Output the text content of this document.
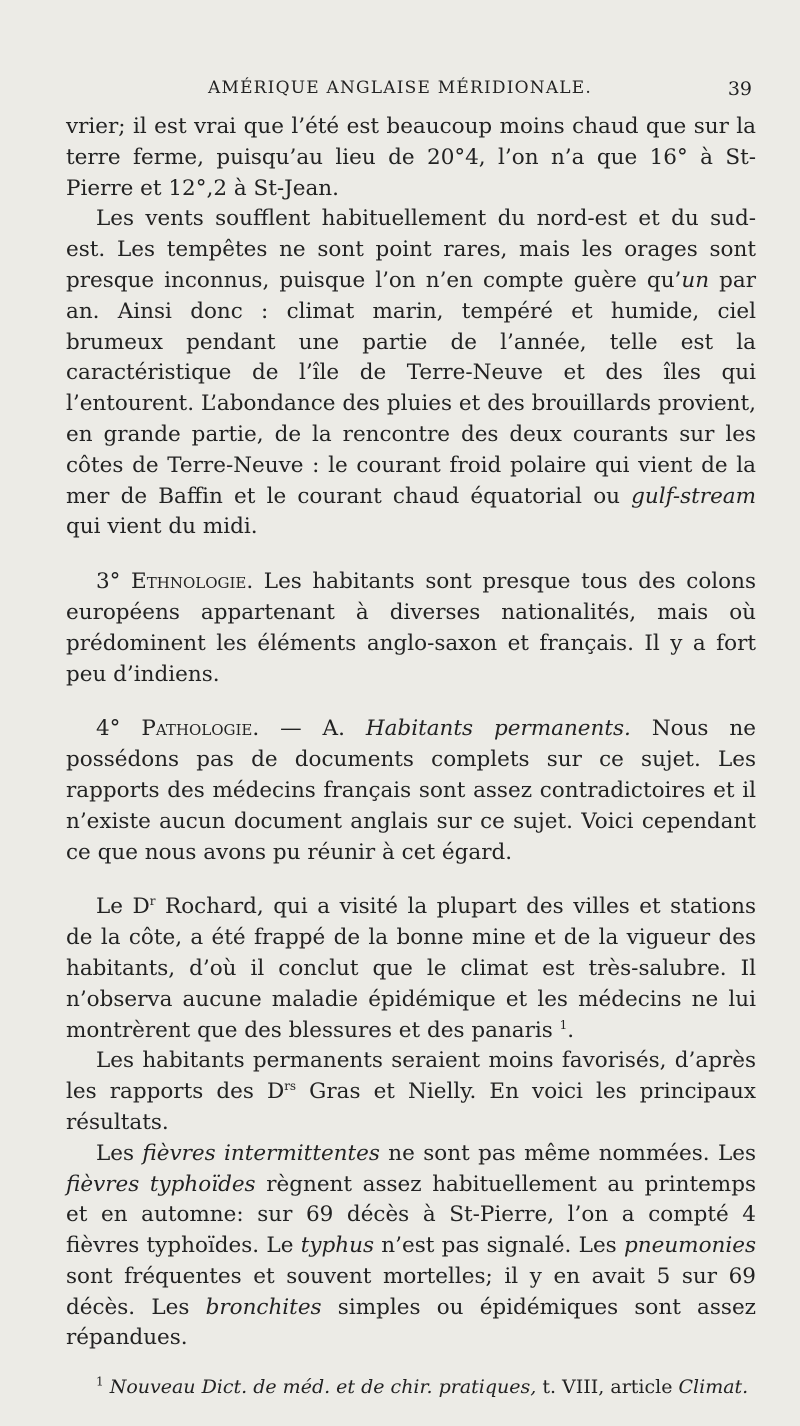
AMÉRIQUE ANGLAISE MÉRIDIONALE.	39

vrier; il est vrai que l’été est beaucoup moins chaud que sur la terre ferme, puisqu’au lieu de 20°4, l’on n’a que 16° à St-Pierre et 12°,2 à St-Jean.

Les vents soufflent habituellement du nord-est et du sud-est. Les tempêtes ne sont point rares, mais les orages sont presque inconnus, puisque l’on n’en compte guère qu’un par an. Ainsi donc : climat marin, tempéré et humide, ciel brumeux pendant une partie de l’année, telle est la caractéristique de l’île de Terre-Neuve et des îles qui l’entourent. L’abondance des pluies et des brouillards provient, en grande partie, de la rencontre des deux courants sur les côtes de Terre-Neuve : le courant froid polaire qui vient de la mer de Baffin et le courant chaud équatorial ou gulf-stream qui vient du midi.

3° Ethnologie. Les habitants sont presque tous des colons européens appartenant à diverses nationalités, mais où prédominent les éléments anglo-saxon et français. Il y a fort peu d’indiens.

4° Pathologie. — A. Habitants permanents. Nous ne possédons pas de documents complets sur ce sujet. Les rapports des médecins français sont assez contradictoires et il n’existe aucun document anglais sur ce sujet. Voici cependant ce que nous avons pu réunir à cet égard.

Le $D^r$ Rochard, qui a visité la plupart des villes et stations de la côte, a été frappé de la bonne mine et de la vigueur des habitants, d’où il conclut que le climat est très-salubre. Il n’observa aucune maladie épidémique et les médecins ne lui montrèrent que des blessures et des panaris $^1$.

Les habitants permanents seraient moins favorisés, d’après les rapports des $D^{rs}$ Gras et Nielly. En voici les principaux résultats.

Les fièvres intermittentes ne sont pas même nommées. Les fièvres typhoïdes règnent assez habituellement au printemps et en automne: sur 69 décès à St-Pierre, l’on a compté 4 fièvres typhoïdes. Le typhus n’est pas signalé. Les pneumonies sont fréquentes et souvent mortelles; il y en avait 5 sur 69 décès. Les bronchites simples ou épidémiques sont assez répandues.

$^1$ Nouveau Dict. de méd. et de chir. pratiques, t. VIII, article Climat.
